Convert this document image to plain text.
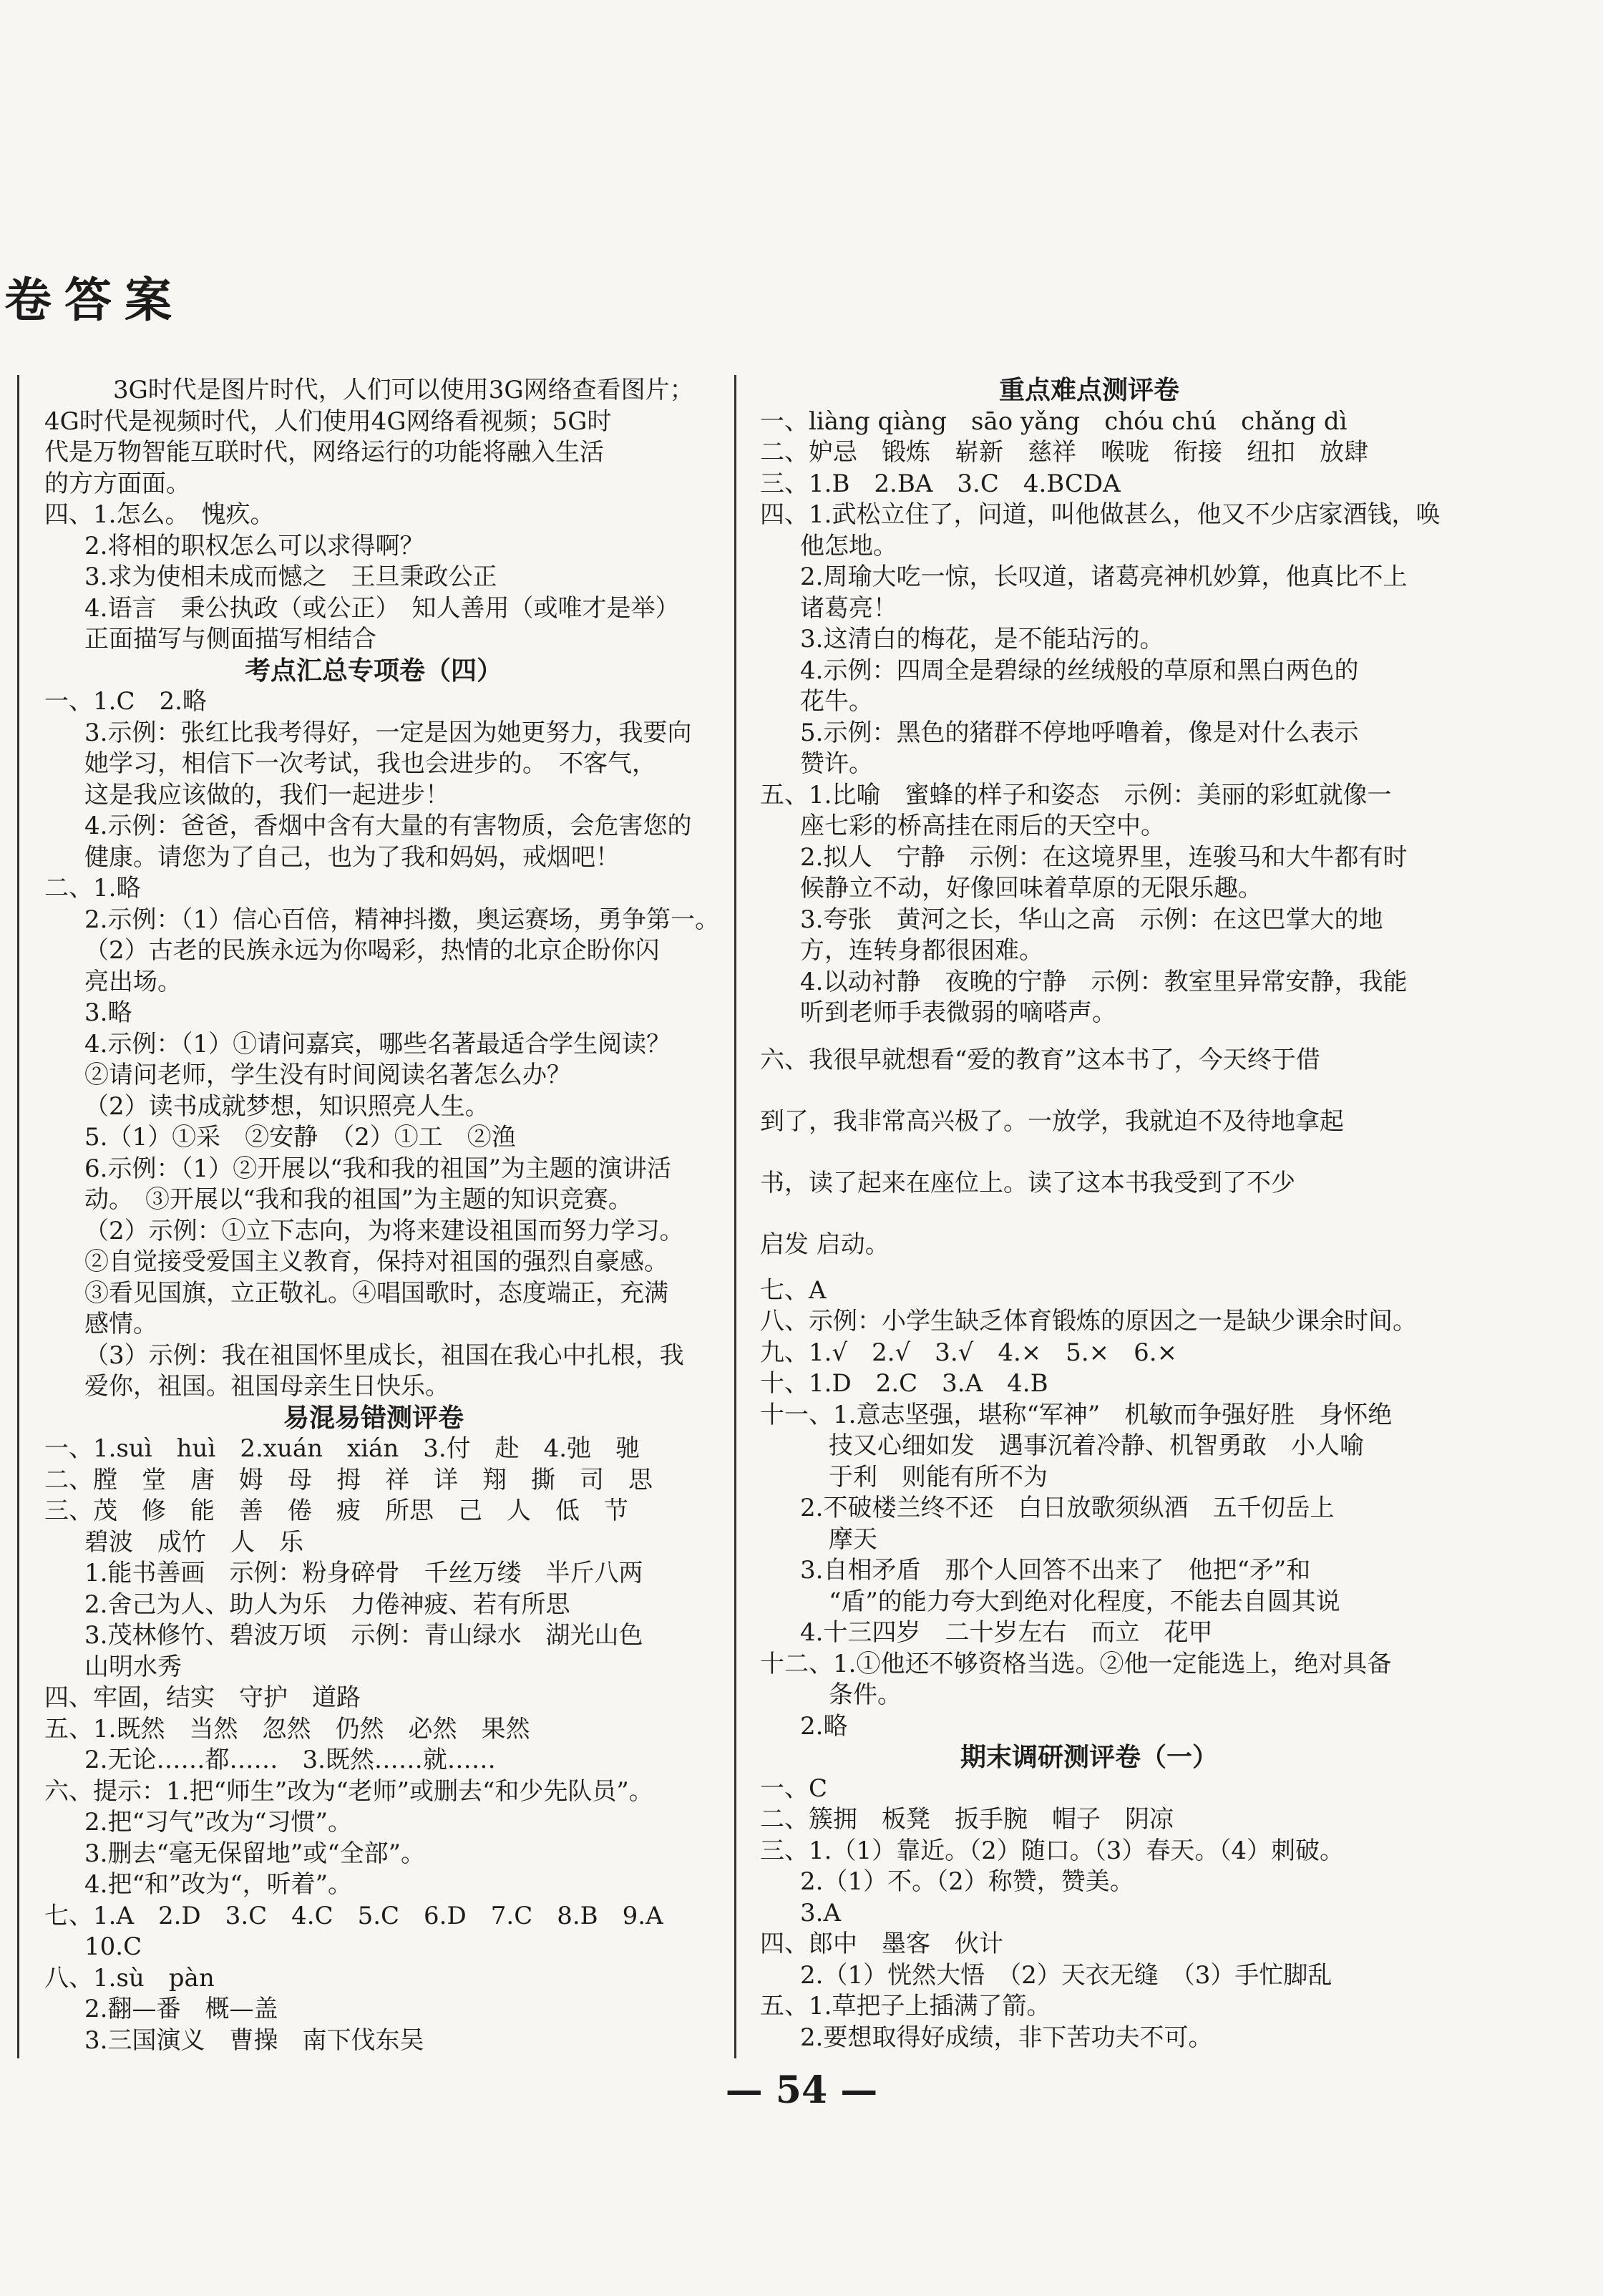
卷答案
3G时代是图片时代，人们可以使用3G网络查看图片；
4G时代是视频时代，人们使用4G网络看视频；5G时
代是万物智能互联时代，网络运行的功能将融入生活
的方方面面。
四、1.怎么。　愧疚。
2.将相的职权怎么可以求得啊？
3.求为使相未成而憾之　王旦秉政公正
4.语言　秉公执政（或公正）　知人善用（或唯才是举）
正面描写与侧面描写相结合
考点汇总专项卷（四）
一、1.C　2.略
3.示例：张红比我考得好，一定是因为她更努力，我要向
她学习，相信下一次考试，我也会进步的。　不客气，
这是我应该做的，我们一起进步！
4.示例：爸爸，香烟中含有大量的有害物质，会危害您的
健康。请您为了自己，也为了我和妈妈，戒烟吧！
二、1.略
2.示例：（1）信心百倍，精神抖擞，奥运赛场，勇争第一。
（2）古老的民族永远为你喝彩，热情的北京企盼你闪
亮出场。
3.略
4.示例：（1）①请问嘉宾，哪些名著最适合学生阅读？
②请问老师，学生没有时间阅读名著怎么办？
（2）读书成就梦想，知识照亮人生。
5.（1）①采　②安静　（2）①工　②渔
6.示例：（1）②开展以“我和我的祖国”为主题的演讲活
动。　③开展以“我和我的祖国”为主题的知识竞赛。
（2）示例：①立下志向，为将来建设祖国而努力学习。
②自觉接受爱国主义教育，保持对祖国的强烈自豪感。
③看见国旗，立正敬礼。④唱国歌时，态度端正，充满
感情。
（3）示例：我在祖国怀里成长，祖国在我心中扎根，我
爱你，祖国。祖国母亲生日快乐。
易混易错测评卷
一、1.suì　huì　2.xuán　xián　3.付　赴　4.弛　驰
二、膛　堂　唐　姆　母　拇　祥　详　翔　撕　司　思
三、茂　修　能　善　倦　疲　所思　己　人　低　节
碧波　成竹　人　乐
1.能书善画　示例：粉身碎骨　千丝万缕　半斤八两
2.舍己为人、助人为乐　力倦神疲、若有所思
3.茂林修竹、碧波万顷　示例：青山绿水　湖光山色
山明水秀
四、牢固，结实　守护　道路
五、1.既然　当然　忽然　仍然　必然　果然
2.无论……都……　3.既然……就……
六、提示：1.把“师生”改为“老师”或删去“和少先队员”。
2.把“习气”改为“习惯”。
3.删去“毫无保留地”或“全部”。
4.把“和”改为“，听着”。
七、1.A　2.D　3.C　4.C　5.C　6.D　7.C　8.B　9.A
10.C
八、1.sù　pàn
2.翻—番　概—盖
3.三国演义　曹操　南下伐东吴
重点难点测评卷
一、liàng qiàng　sāo yǎng　chóu chú　chǎng dì
二、妒忌　锻炼　崭新　慈祥　喉咙　衔接　纽扣　放肆
三、1.B　2.BA　3.C　4.BCDA
四、1.武松立住了，问道，叫他做甚么，他又不少店家酒钱，唤
他怎地。
2.周瑜大吃一惊，长叹道，诸葛亮神机妙算，他真比不上
诸葛亮！
3.这清白的梅花，是不能玷污的。
4.示例：四周全是碧绿的丝绒般的草原和黑白两色的
花牛。
5.示例：黑色的猪群不停地呼噜着，像是对什么表示
赞许。
五、1.比喻　蜜蜂的样子和姿态　示例：美丽的彩虹就像一
座七彩的桥高挂在雨后的天空中。
2.拟人　宁静　示例：在这境界里，连骏马和大牛都有时
候静立不动，好像回味着草原的无限乐趣。
3.夸张　黄河之长，华山之高　示例：在这巴掌大的地
方，连转身都很困难。
4.以动衬静　夜晚的宁静　示例：教室里异常安静，我能
听到老师手表微弱的嘀嗒声。
六、我很早就想看“爱的教育”这本书了，今天终于借
到了，我非常高兴极了。一放学，我就迫不及待地拿起
书，读了起来在座位上。读了这本书我受到了不少
启发 启动。
七、A
八、示例：小学生缺乏体育锻炼的原因之一是缺少课余时间。
九、1.√　2.√　3.√　4.×　5.×　6.×
十、1.D　2.C　3.A　4.B
十一、1.意志坚强，堪称“军神”　机敏而争强好胜　身怀绝
技又心细如发　遇事沉着冷静、机智勇敢　小人喻
于利　则能有所不为
2.不破楼兰终不还　白日放歌须纵酒　五千仞岳上
摩天
3.自相矛盾　那个人回答不出来了　他把“矛”和
“盾”的能力夸大到绝对化程度，不能去自圆其说
4.十三四岁　二十岁左右　而立　花甲
十二、1.①他还不够资格当选。②他一定能选上，绝对具备
条件。
2.略
期末调研测评卷（一）
一、C
二、簇拥　板凳　扳手腕　帽子　阴凉
三、1.（1）靠近。（2）随口。（3）春天。（4）刺破。
2.（1）不。（2）称赞，赞美。
3.A
四、郎中　墨客　伙计
2.（1）恍然大悟　（2）天衣无缝　（3）手忙脚乱
五、1.草把子上插满了箭。
2.要想取得好成绩，非下苦功夫不可。
— 54 —
